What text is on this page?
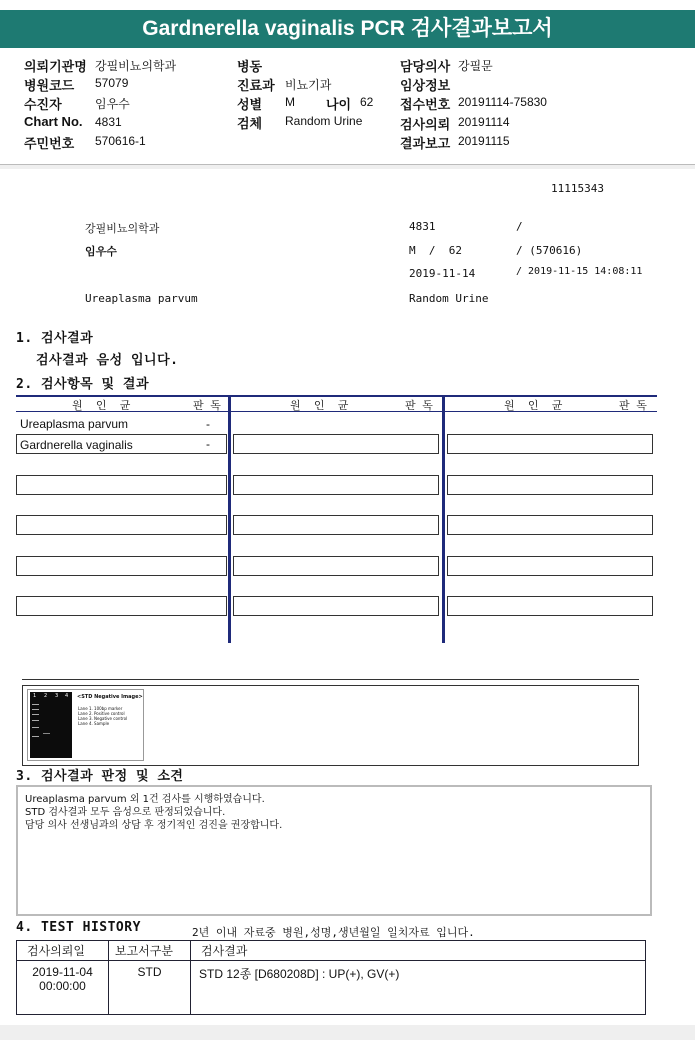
Gardnerella vaginalis PCR 검사결과보고서
의뢰기관명 강필비뇨의학과
병원코드 57079
수진자	임우수
Chart No. 4831
주민번호 570616-1
병동
진료과 비뇨기과
성별 M 나이 62
검체 Random Urine
담당의사 강필문
임상정보
접수번호 20191114-75830
검사의뢰 20191114
결과보고 20191115
11115343
강필비뇨의학과
임우수
Ureaplasma parvum
4831	/
M  /  62	/ (570616)
2019-11-14	/ 2019-11-15 14:08:11
Random Urine
1. 검사결과
검사결과 음성 입니다.
2. 검사항목 및 결과
원  인  균	판 독	원  인  균	판 독	원  인  균	판 독
Ureaplasma parvum	-
Gardnerella vaginalis	-
1 2 3 4 <STD Negative Image>
Lane 1. 100bp marker
Lane 2. Positive control
Lane 3. Negative control
Lane 4. Sample
3. 검사결과 판정 및 소견
Ureaplasma parvum 외 1건 검사를 시행하였습니다.
STD 검사결과 모두 음성으로 판정되었습니다.
담당 의사 선생님과의 상담 후 정기적인 검진을 권장합니다.
4. TEST HISTORY	2년 이내 자료중 병원,성명,생년월일 일치자료 입니다.
검사의뢰일	보고서구분	검사결과

2019-11-04
00:00:00	STD	STD 12종 [D680208D] : UP(+), GV(+)
